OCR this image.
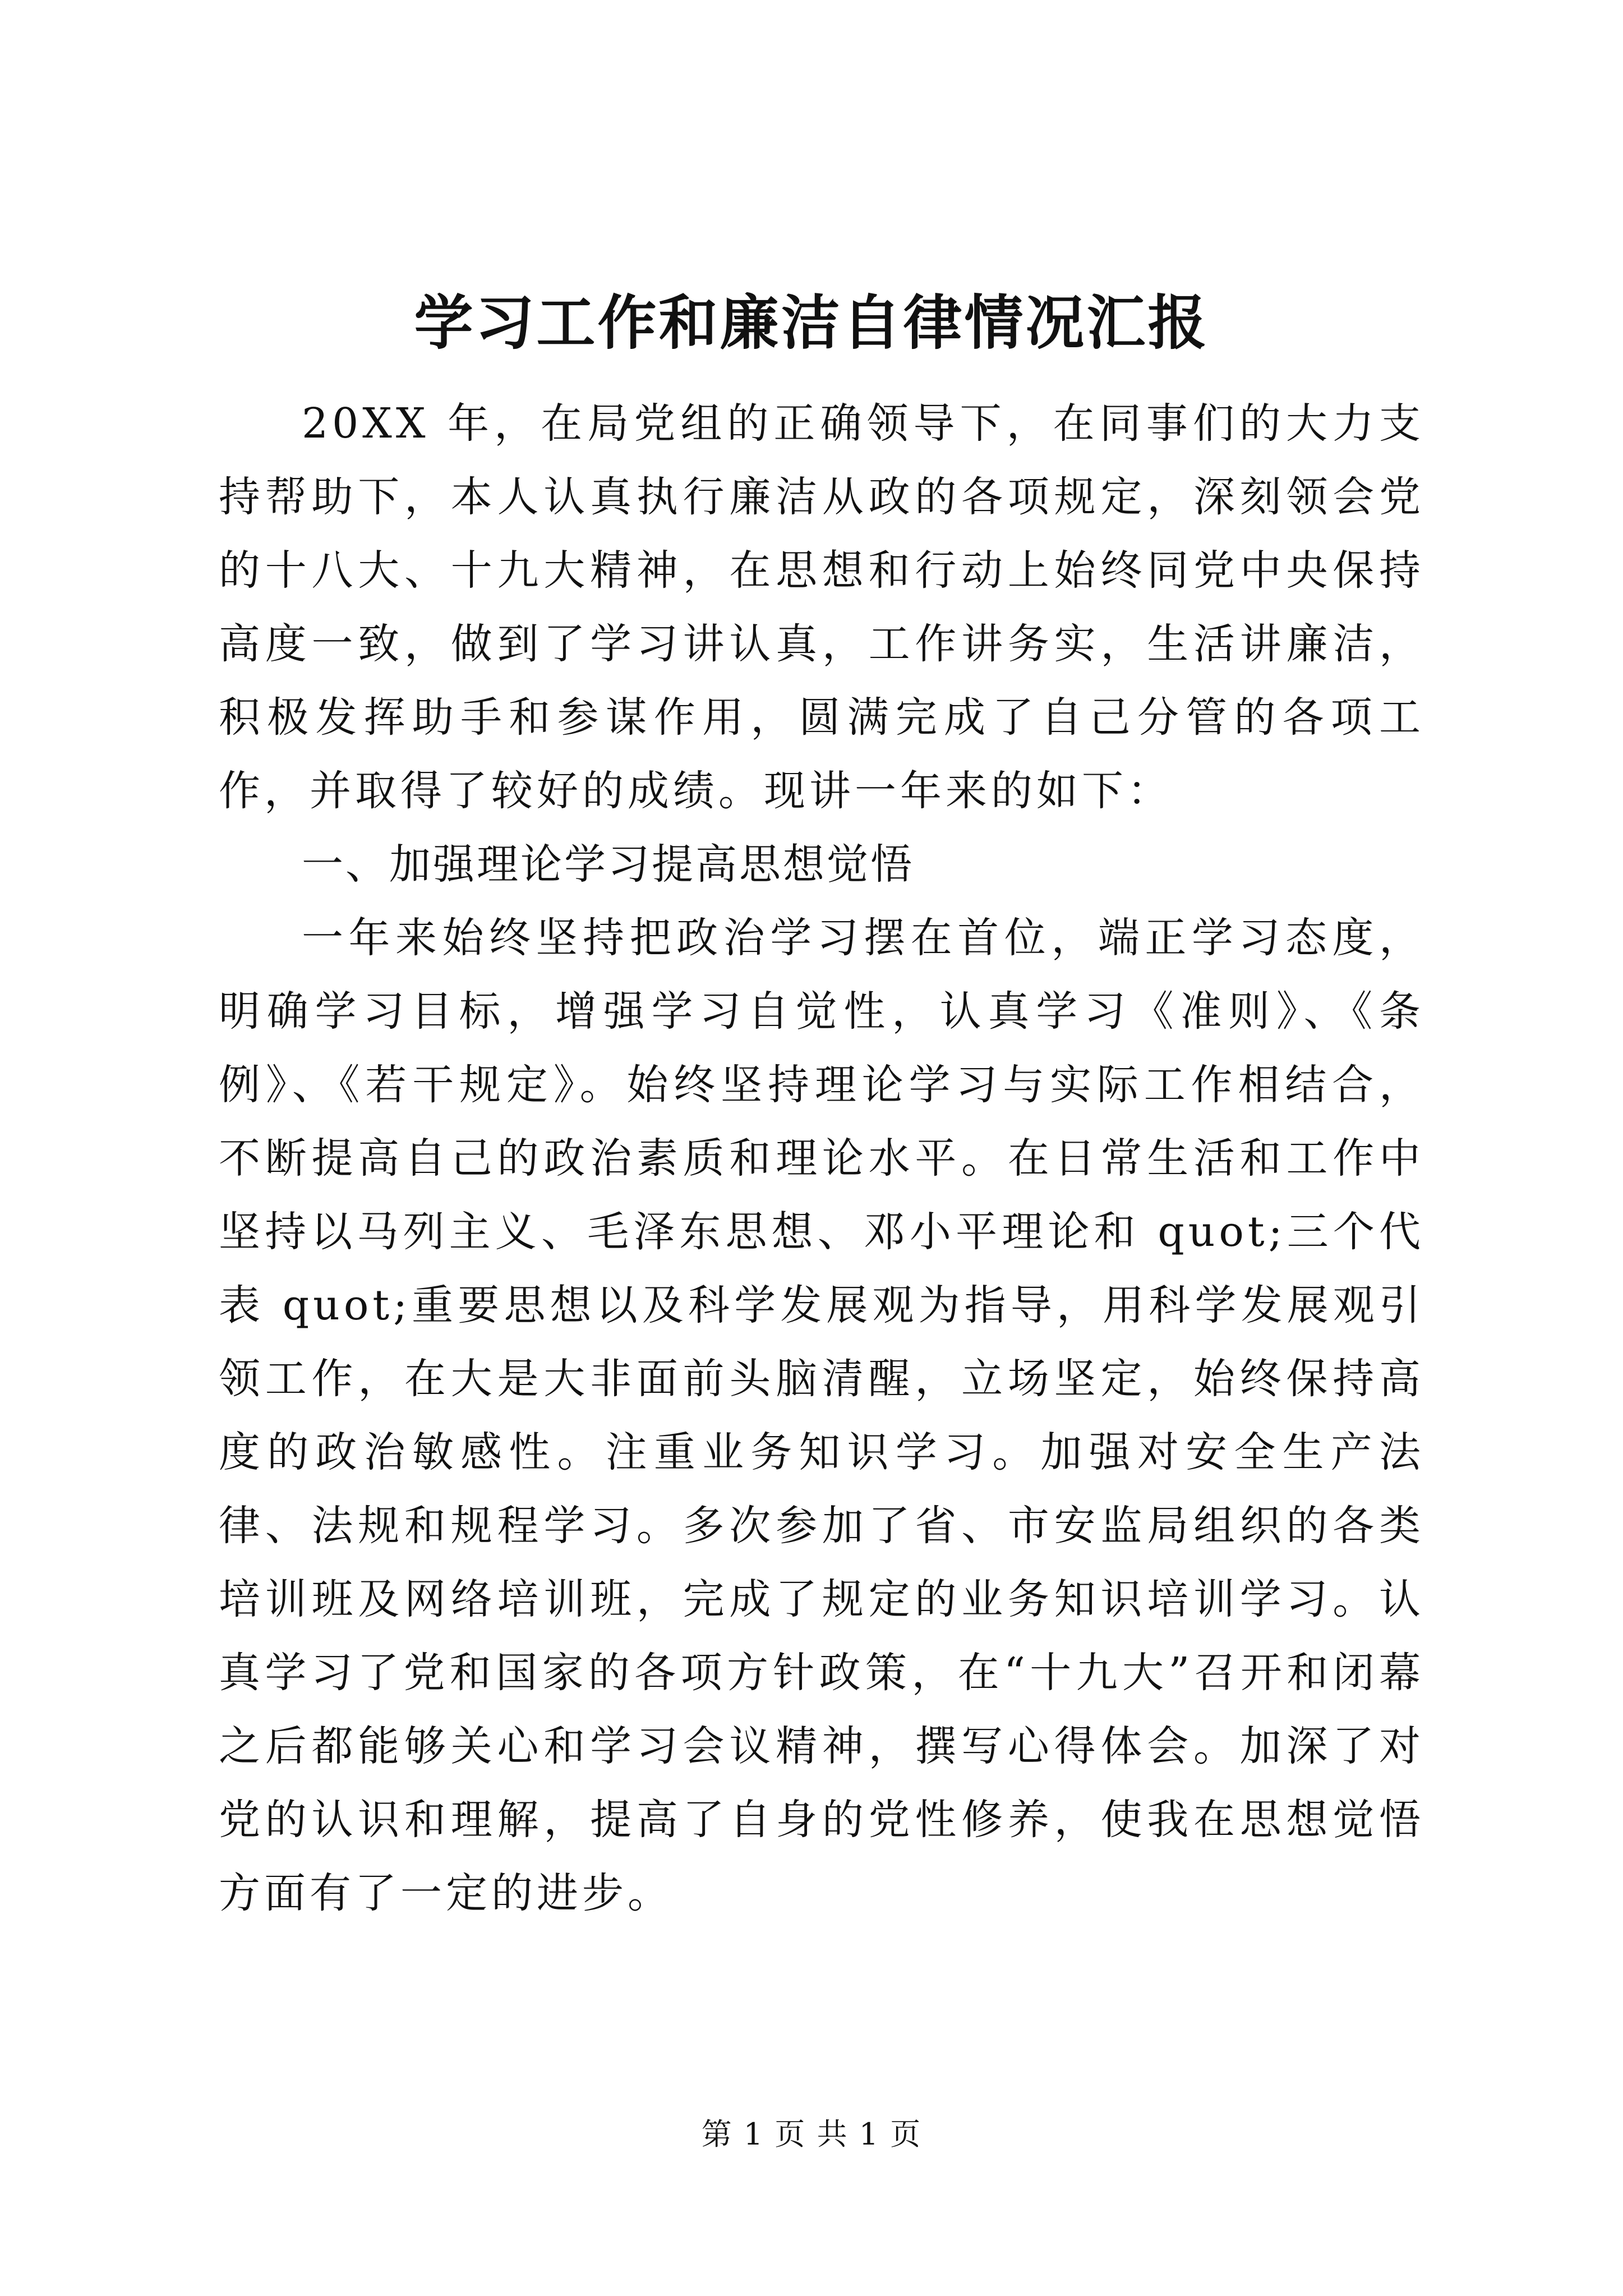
学习工作和廉洁自律情况汇报

20XX 年，在局党组的正确领导下，在同事们的大力支持帮助下，本人认真执行廉洁从政的各项规定，深刻领会党的十八大、十九大精神，在思想和行动上始终同党中央保持高度一致，做到了学习讲认真，工作讲务实，生活讲廉洁，积极发挥助手和参谋作用，圆满完成了自己分管的各项工作，并取得了较好的成绩。现讲一年来的如下：

一、加强理论学习提高思想觉悟

一年来始终坚持把政治学习摆在首位，端正学习态度，明确学习目标，增强学习自觉性，认真学习《准则》、《条例》、《若干规定》。始终坚持理论学习与实际工作相结合，不断提高自己的政治素质和理论水平。在日常生活和工作中坚持以马列主义、毛泽东思想、邓小平理论和 quot;三个代表 quot;重要思想以及科学发展观为指导，用科学发展观引领工作，在大是大非面前头脑清醒，立场坚定，始终保持高度的政治敏感性。注重业务知识学习。加强对安全生产法律、法规和规程学习。多次参加了省、市安监局组织的各类培训班及网络培训班，完成了规定的业务知识培训学习。认真学习了党和国家的各项方针政策，在“十九大”召开和闭幕之后都能够关心和学习会议精神，撰写心得体会。加深了对党的认识和理解，提高了自身的党性修养，使我在思想觉悟方面有了一定的进步。

第 1 页 共 1 页
